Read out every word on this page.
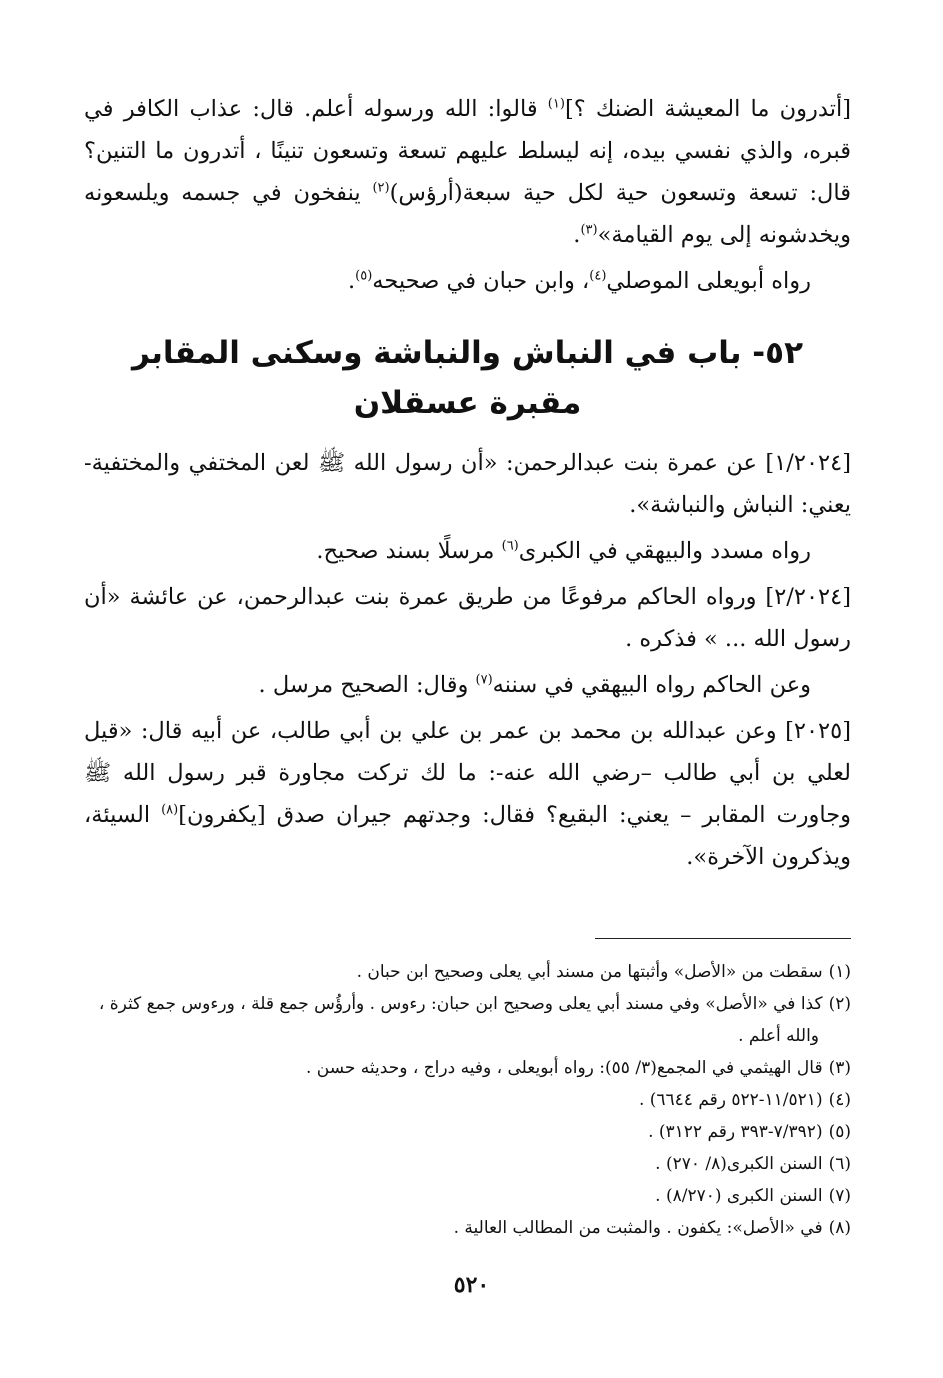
[أتدرون ما المعيشة الضنك ؟]$^{(١)}$ قالوا: الله ورسوله أعلم. قال: عذاب الكافر في قبره، والذي نفسي بيده، إنه ليسلط عليهم تسعة وتسعون تنينًا ، أتدرون ما التنين؟ قال: تسعة وتسعون حية لكل حية سبعة(أرؤس)$^{(٢)}$ ينفخون في جسمه ويلسعونه ويخدشونه إلى يوم القيامة»$^{(٣)}$.

رواه أبويعلى الموصلي$^{(٤)}$، وابن حبان في صحيحه$^{(٥)}$.

٥٢- باب في النباش والنباشة وسكنى المقابر
مقبرة عسقلان

[١/٢٠٢٤] عن عمرة بنت عبدالرحمن: «أن رسول الله ﷺ لعن المختفي والمختفية- يعني: النباش والنباشة».

رواه مسدد والبيهقي في الكبرى$^{(٦)}$ مرسلًا بسند صحيح.

[٢/٢٠٢٤] ورواه الحاكم مرفوعًا من طريق عمرة بنت عبدالرحمن، عن عائشة «أن رسول الله ... » فذكره .

وعن الحاكم رواه البيهقي في سننه$^{(٧)}$ وقال: الصحيح مرسل .

[٢٠٢٥] وعن عبدالله بن محمد بن عمر بن علي بن أبي طالب، عن أبيه قال: «قيل لعلي بن أبي طالب –رضي الله عنه-: ما لك تركت مجاورة قبر رسول الله ﷺ وجاورت المقابر – يعني: البقيع؟ فقال: وجدتهم جيران صدق [يكفرون]$^{(٨)}$ السيئة، ويذكرون الآخرة».

(١)سقطت من «الأصل» وأثبتها من مسند أبي يعلى وصحيح ابن حبان .

(٢)كذا في «الأصل» وفي مسند أبي يعلى وصحيح ابن حبان: رءوس . وأرؤُس جمع قلة ، ورءوس جمع كثرة ، والله أعلم .

(٣)قال الهيثمي في المجمع(٣/ ٥٥): رواه أبويعلى ، وفيه دراج ، وحديثه حسن .

(٤)(١١/٥٢١-٥٢٢ رقم ٦٦٤٤) .

(٥)(٧/٣٩٢-٣٩٣ رقم ٣١٢٢) .

(٦)السنن الكبرى(٨/ ٢٧٠) .

(٧)السنن الكبرى (٨/٢٧٠) .

(٨)في «الأصل»: يكفون . والمثبت من المطالب العالية .

٥٢٠
